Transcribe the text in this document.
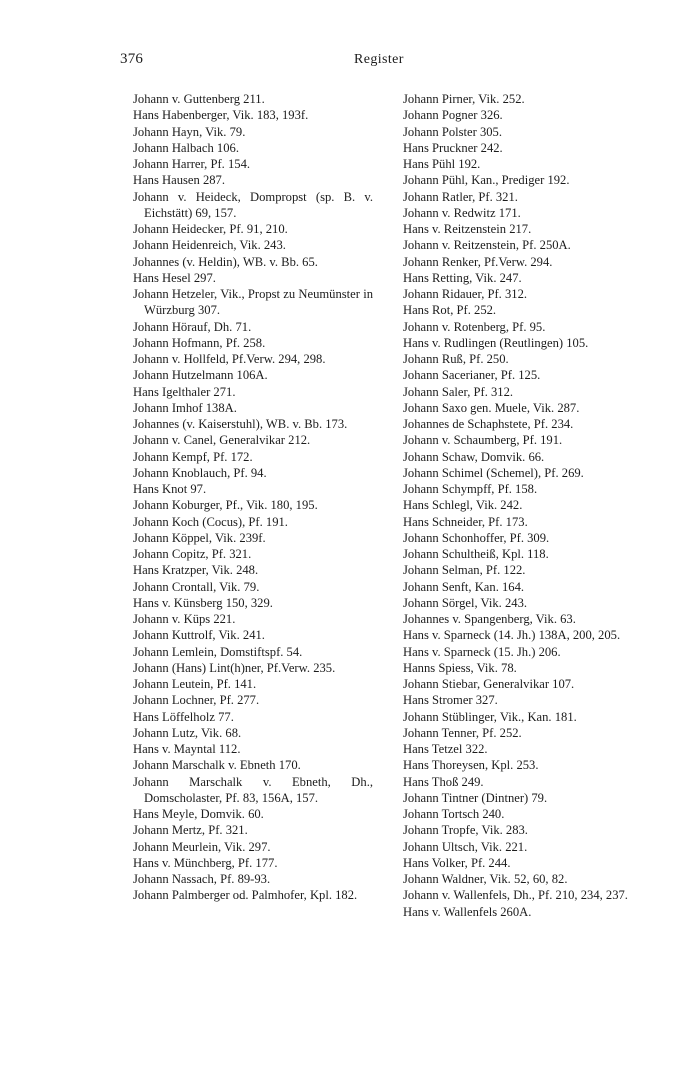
376	Register
Johann v. Guttenberg 211.
Hans Habenberger, Vik. 183, 193f.
Johann Hayn, Vik. 79.
Johann Halbach 106.
Johann Harrer, Pf. 154.
Hans Hausen 287.
Johann v. Heideck, Dompropst (sp. B. v. Eichstätt) 69, 157.
Johann Heidecker, Pf. 91, 210.
Johann Heidenreich, Vik. 243.
Johannes (v. Heldin), WB. v. Bb. 65.
Hans Hesel 297.
Johann Hetzeler, Vik., Propst zu Neumünster in Würzburg 307.
Johann Hörauf, Dh. 71.
Johann Hofmann, Pf. 258.
Johann v. Hollfeld, Pf.Verw. 294, 298.
Johann Hutzelmann 106A.
Hans Igelthaler 271.
Johann Imhof 138A.
Johannes (v. Kaiserstuhl), WB. v. Bb. 173.
Johann v. Canel, Generalvikar 212.
Johann Kempf, Pf. 172.
Johann Knoblauch, Pf. 94.
Hans Knot 97.
Johann Koburger, Pf., Vik. 180, 195.
Johann Koch (Cocus), Pf. 191.
Johann Köppel, Vik. 239f.
Johann Copitz, Pf. 321.
Hans Kratzper, Vik. 248.
Johann Crontall, Vik. 79.
Hans v. Künsberg 150, 329.
Johann v. Küps 221.
Johann Kuttrolf, Vik. 241.
Johann Lemlein, Domstiftspf. 54.
Johann (Hans) Lint(h)ner, Pf.Verw. 235.
Johann Leutein, Pf. 141.
Johann Lochner, Pf. 277.
Hans Löffelholz 77.
Johann Lutz, Vik. 68.
Hans v. Mayntal 112.
Johann Marschalk v. Ebneth 170.
Johann Marschalk v. Ebneth, Dh., Domscholaster, Pf. 83, 156A, 157.
Hans Meyle, Domvik. 60.
Johann Mertz, Pf. 321.
Johann Meurlein, Vik. 297.
Hans v. Münchberg, Pf. 177.
Johann Nassach, Pf. 89-93.
Johann Palmberger od. Palmhofer, Kpl. 182.
Johann Pirner, Vik. 252.
Johann Pogner 326.
Johann Polster 305.
Hans Pruckner 242.
Hans Pühl 192.
Johann Pühl, Kan., Prediger 192.
Johann Ratler, Pf. 321.
Johann v. Redwitz 171.
Hans v. Reitzenstein 217.
Johann v. Reitzenstein, Pf. 250A.
Johann Renker, Pf.Verw. 294.
Hans Retting, Vik. 247.
Johann Ridauer, Pf. 312.
Hans Rot, Pf. 252.
Johann v. Rotenberg, Pf. 95.
Hans v. Rudlingen (Reutlingen) 105.
Johann Ruß, Pf. 250.
Johann Sacerianer, Pf. 125.
Johann Saler, Pf. 312.
Johann Saxo gen. Muele, Vik. 287.
Johannes de Schaphstete, Pf. 234.
Johann v. Schaumberg, Pf. 191.
Johann Schaw, Domvik. 66.
Johann Schimel (Schemel), Pf. 269.
Johann Schympff, Pf. 158.
Hans Schlegl, Vik. 242.
Hans Schneider, Pf. 173.
Johann Schonhoffer, Pf. 309.
Johann Schultheiß, Kpl. 118.
Johann Selman, Pf. 122.
Johann Senft, Kan. 164.
Johann Sörgel, Vik. 243.
Johannes v. Spangenberg, Vik. 63.
Hans v. Sparneck (14. Jh.) 138A, 200, 205.
Hans v. Sparneck (15. Jh.) 206.
Hanns Spiess, Vik. 78.
Johann Stiebar, Generalvikar 107.
Hans Stromer 327.
Johann Stüblinger, Vik., Kan. 181.
Johann Tenner, Pf. 252.
Hans Tetzel 322.
Hans Thoreysen, Kpl. 253.
Hans Thoß 249.
Johann Tintner (Dintner) 79.
Johann Tortsch 240.
Johann Tropfe, Vik. 283.
Johann Ultsch, Vik. 221.
Hans Volker, Pf. 244.
Johann Waldner, Vik. 52, 60, 82.
Johann v. Wallenfels, Dh., Pf. 210, 234, 237.
Hans v. Wallenfels 260A.
